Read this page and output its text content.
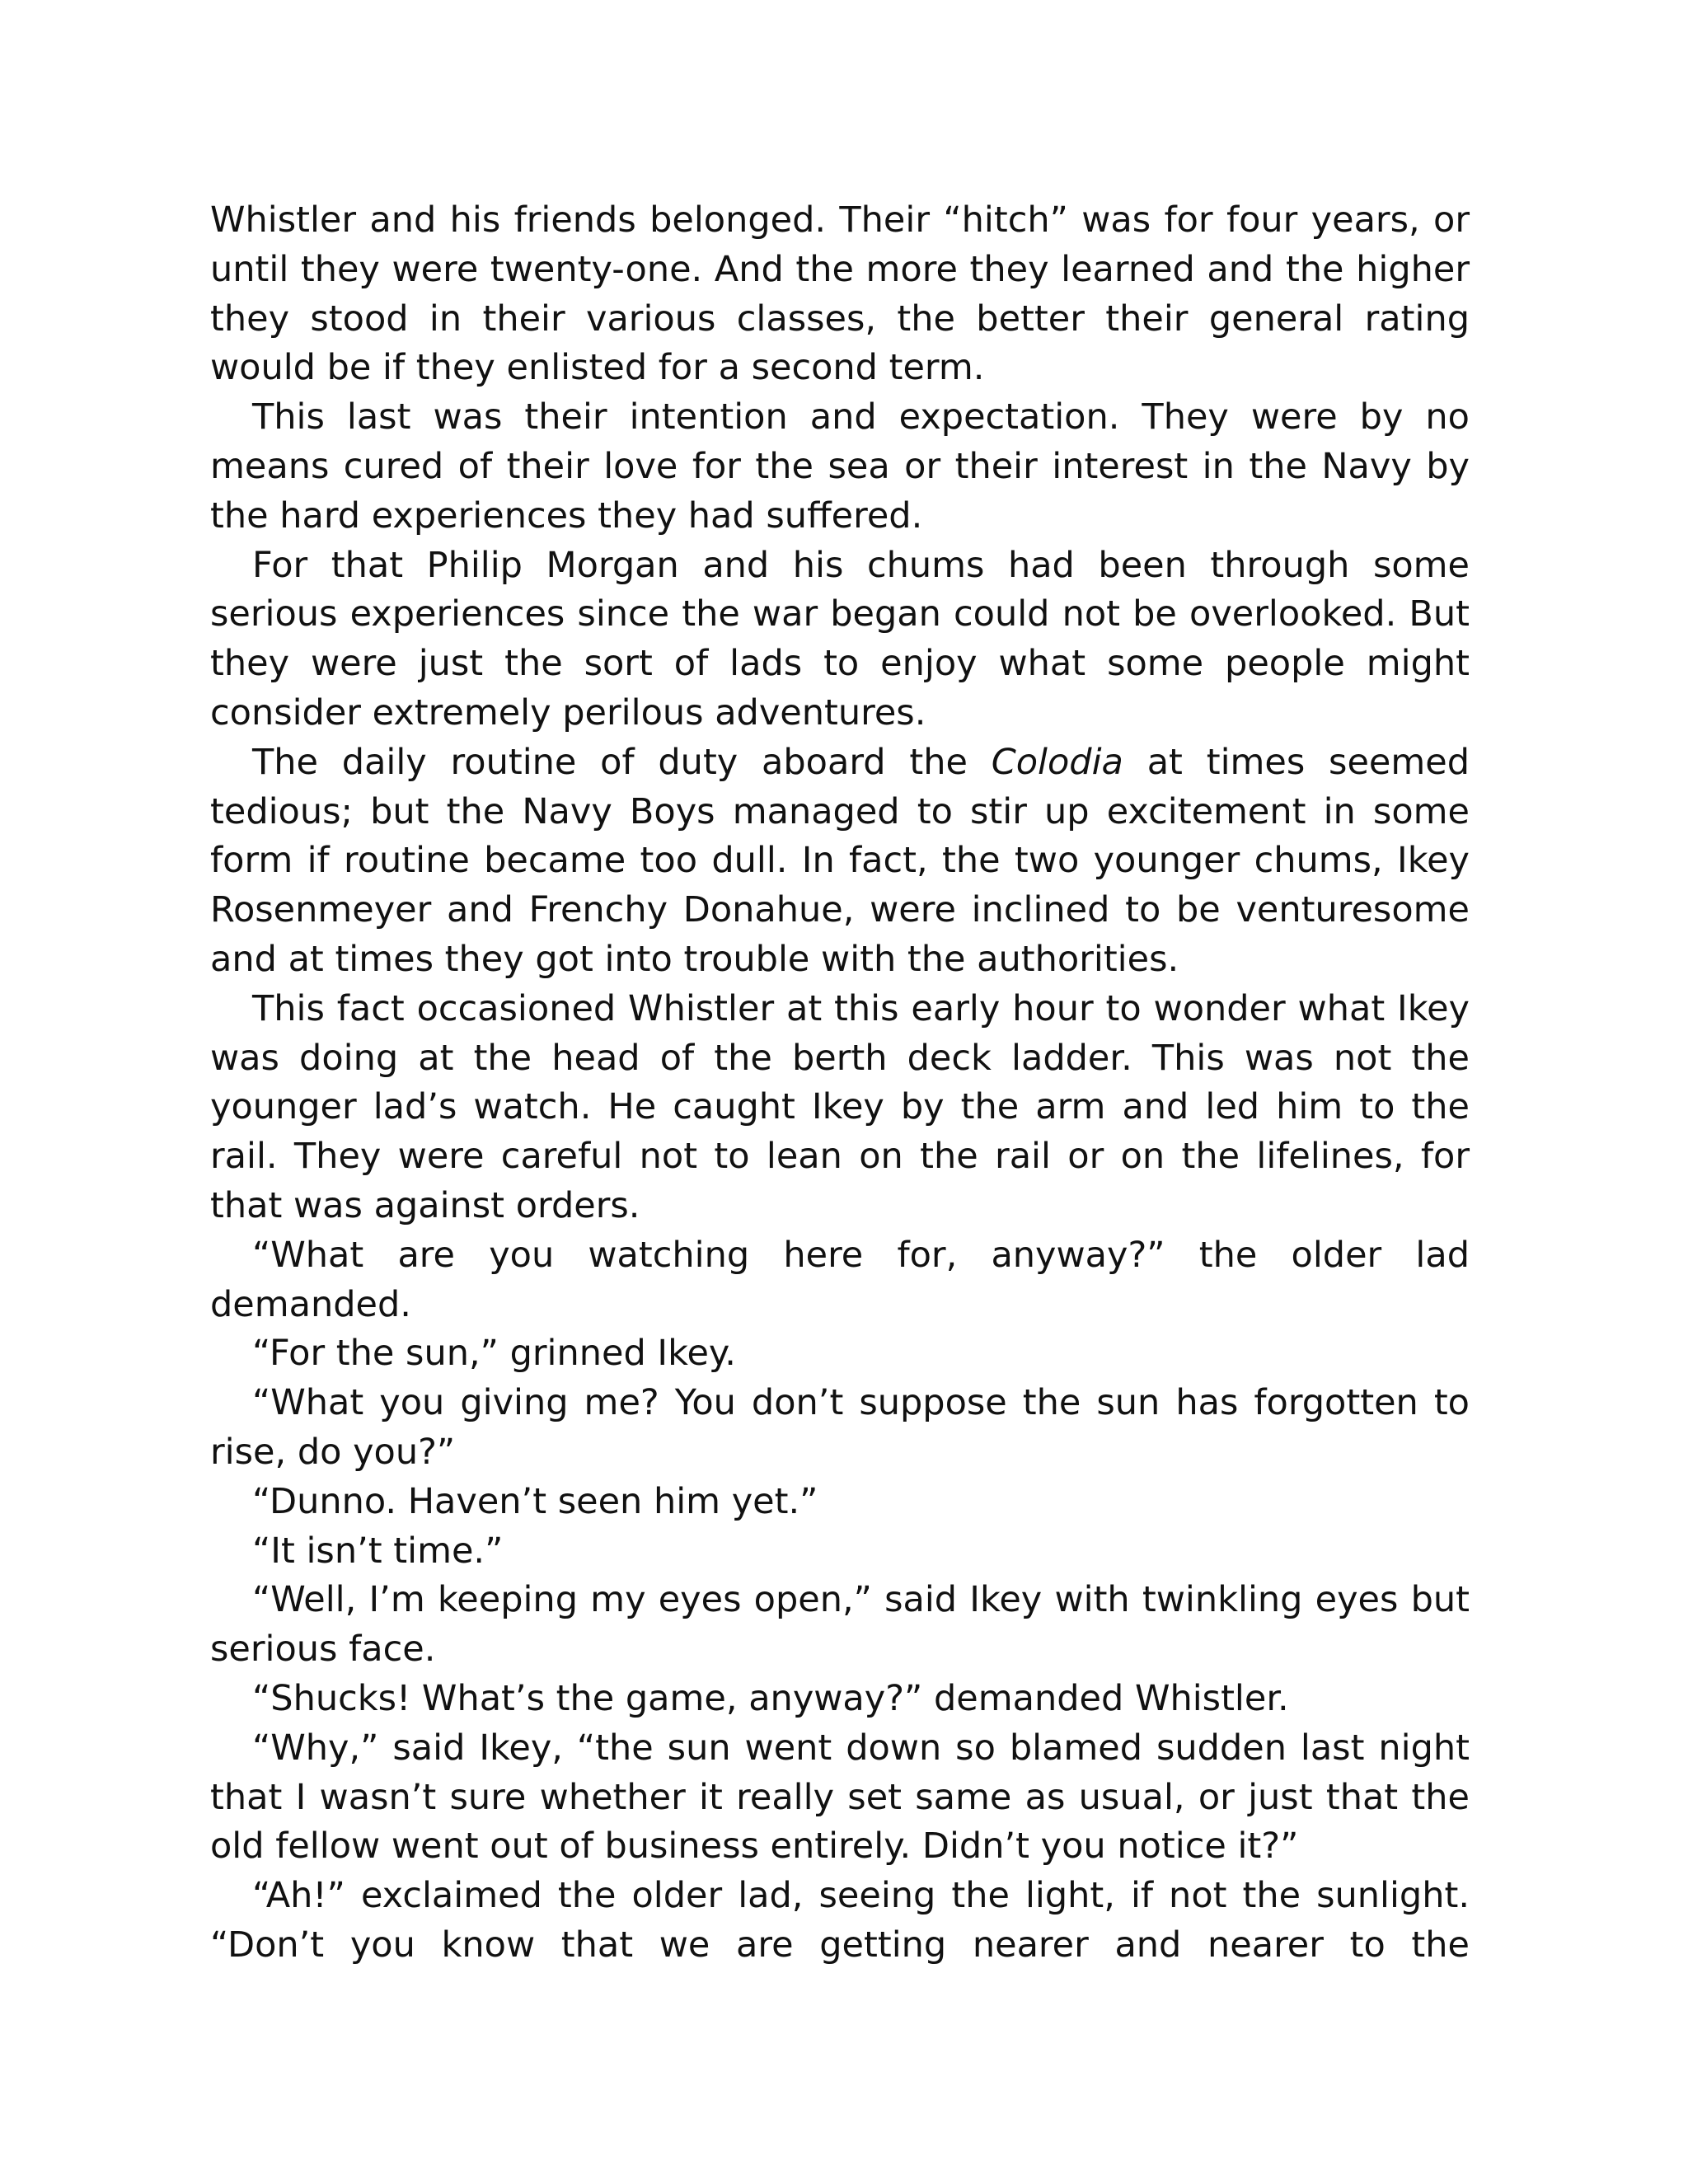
Whistler and his friends belonged. Their “hitch” was for four years, or until they were twenty-one. And the more they learned and the higher they stood in their various classes, the better their general rating would be if they enlisted for a second term.

This last was their intention and expectation. They were by no means cured of their love for the sea or their interest in the Navy by the hard experiences they had suffered.

For that Philip Morgan and his chums had been through some serious experiences since the war began could not be overlooked. But they were just the sort of lads to enjoy what some people might consider extremely perilous adventures.

The daily routine of duty aboard the Colodia at times seemed tedious; but the Navy Boys managed to stir up excitement in some form if routine became too dull. In fact, the two younger chums, Ikey Rosenmeyer and Frenchy Donahue, were inclined to be venturesome and at times they got into trouble with the authorities.

This fact occasioned Whistler at this early hour to wonder what Ikey was doing at the head of the berth deck ladder. This was not the younger lad’s watch. He caught Ikey by the arm and led him to the rail. They were careful not to lean on the rail or on the lifelines, for that was against orders.

“What are you watching here for, anyway?” the older lad demanded.

“For the sun,” grinned Ikey.

“What you giving me? You don’t suppose the sun has forgotten to rise, do you?”

“Dunno. Haven’t seen him yet.”

“It isn’t time.”

“Well, I’m keeping my eyes open,” said Ikey with twinkling eyes but serious face.

“Shucks! What’s the game, anyway?” demanded Whistler.

“Why,” said Ikey, “the sun went down so blamed sudden last night that I wasn’t sure whether it really set same as usual, or just that the old fellow went out of business entirely. Didn’t you notice it?”

“Ah!” exclaimed the older lad, seeing the light, if not the sunlight. “Don’t you know that we are getting nearer and nearer to the
